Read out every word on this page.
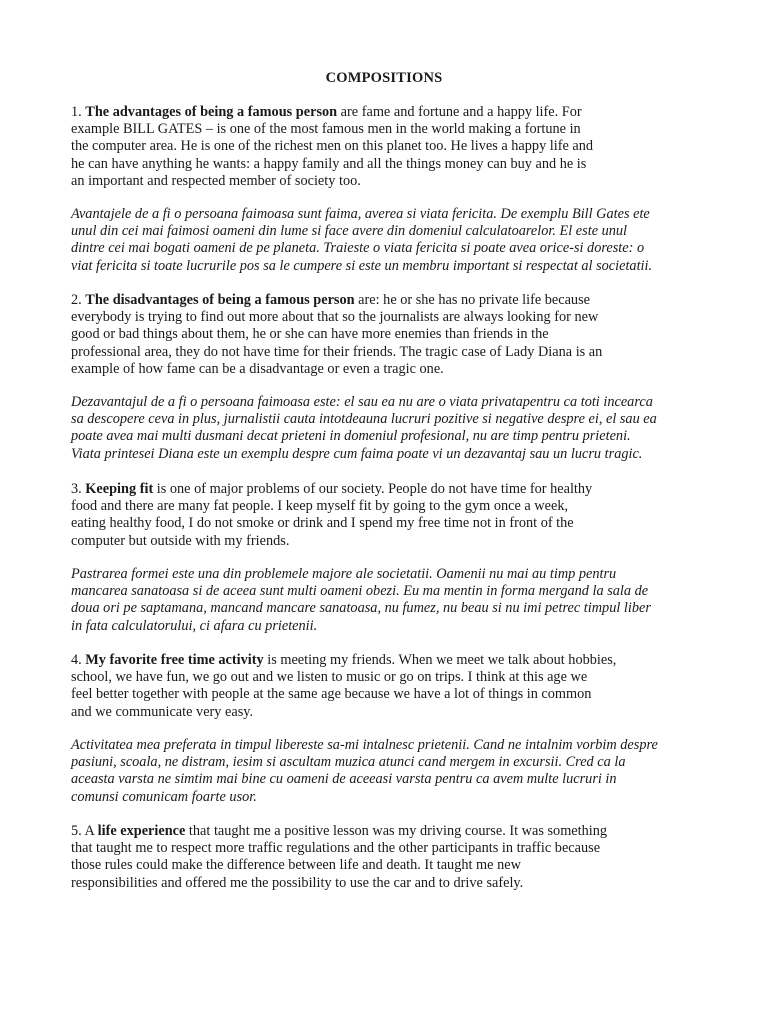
COMPOSITIONS

1. The advantages of being a famous person are fame and fortune and a happy life. For
example BILL GATES – is one of the most famous men in the world making a fortune in
the computer area. He is one of the richest men on this planet too. He lives a happy life and
he can have anything he wants: a happy family and all the things money can buy and he is
an important and respected member of society too.

Avantajele de a fi o persoana faimoasa sunt faima, averea si viata fericita. De exemplu Bill Gates ete
unul din cei mai faimosi oameni din lume si face avere din domeniul calculatoarelor. El este unul
dintre cei mai bogati oameni de pe planeta. Traieste o viata fericita si poate avea orice-si doreste: o
viat fericita si toate lucrurile pos sa le cumpere si este un membru important si respectat al societatii.

2. The disadvantages of being a famous person are: he or she has no private life because
everybody is trying to find out more about that so the journalists are always looking for new
good or bad things about them, he or she can have more enemies than friends in the
professional area, they do not have time for their friends. The tragic case of Lady Diana is an
example of how fame can be a disadvantage or even a tragic one.

Dezavantajul de a fi o persoana faimoasa este: el sau ea nu are o viata privatapentru ca toti incearca
sa descopere ceva in plus, jurnalistii cauta intotdeauna lucruri pozitive si negative despre ei, el sau ea
poate avea mai multi dusmani decat prieteni in domeniul profesional, nu are timp pentru prieteni.
Viata printesei Diana este un exemplu despre cum faima poate vi un dezavantaj sau un lucru tragic.

3. Keeping fit is one of major problems of our society. People do not have time for healthy
food and there are many fat people. I keep myself fit by going to the gym once a week,
eating healthy food, I do not smoke or drink and I spend my free time not in front of the
computer but outside with my friends.

Pastrarea formei este una din problemele majore ale societatii. Oamenii nu mai au timp pentru
mancarea sanatoasa si de aceea sunt multi oameni obezi. Eu ma mentin in forma mergand la sala de
doua ori pe saptamana, mancand mancare sanatoasa, nu fumez, nu beau si nu imi petrec timpul liber
in fata calculatorului, ci afara cu prietenii.

4. My favorite free time activity is meeting my friends. When we meet we talk about hobbies,
school, we have fun, we go out and we listen to music or go on trips. I think at this age we
feel better together with people at the same age because we have a lot of things in common
and we communicate very easy.

Activitatea mea preferata in timpul libereste sa-mi intalnesc prietenii. Cand ne intalnim vorbim despre
pasiuni, scoala, ne distram, iesim si ascultam muzica atunci cand mergem in excursii. Cred ca la
aceasta varsta ne simtim mai bine cu oameni de aceeasi varsta pentru ca avem multe lucruri in
comunsi comunicam foarte usor.

5. A life experience that taught me a positive lesson was my driving course. It was something
that taught me to respect more traffic regulations and the other participants in traffic because
those rules could make the difference between life and death. It taught me new
responsibilities and offered me the possibility to use the car and to drive safely.
